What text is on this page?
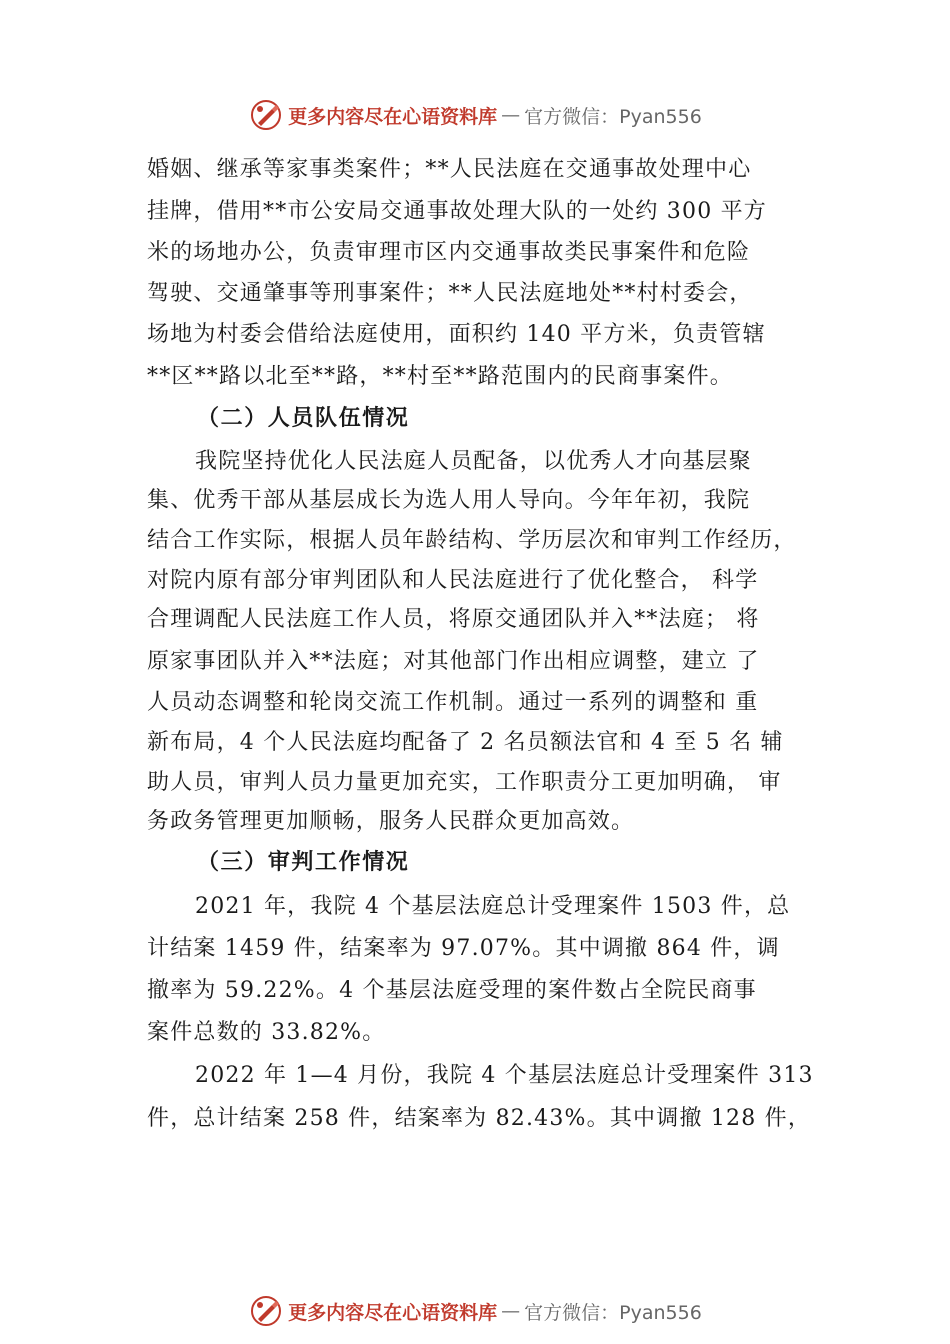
更多内容尽在心语资料库 — 官方微信：Pyan556
婚姻、继承等家事类案件；**人民法庭在交通事故处理中心
挂牌，借用**市公安局交通事故处理大队的一处约 300 平方
米的场地办公，负责审理市区内交通事故类民事案件和危险
驾驶、交通肇事等刑事案件；**人民法庭地处**村村委会，
场地为村委会借给法庭使用，面积约 140 平方米，负责管辖
**区**路以北至**路，**村至**路范围内的民商事案件。
（二）人员队伍情况
我院坚持优化人民法庭人员配备，以优秀人才向基层聚
集、优秀干部从基层成长为选人用人导向。今年年初，我院
结合工作实际，根据人员年龄结构、学历层次和审判工作经历，
对院内原有部分审判团队和人民法庭进行了优化整合， 科学
合理调配人民法庭工作人员，将原交通团队并入**法庭； 将
原家事团队并入**法庭；对其他部门作出相应调整，建立 了
人员动态调整和轮岗交流工作机制。通过一系列的调整和 重
新布局，4 个人民法庭均配备了 2 名员额法官和 4 至 5 名 辅
助人员，审判人员力量更加充实，工作职责分工更加明确， 审
务政务管理更加顺畅，服务人民群众更加高效。
（三）审判工作情况
2021 年，我院 4 个基层法庭总计受理案件 1503 件，总
计结案 1459 件，结案率为 97.07%。其中调撤 864 件，调
撤率为 59.22%。4 个基层法庭受理的案件数占全院民商事
案件总数的 33.82%。
2022 年 1—4 月份，我院 4 个基层法庭总计受理案件 313
件，总计结案 258 件，结案率为 82.43%。其中调撤 128 件，
更多内容尽在心语资料库 — 官方微信：Pyan556
